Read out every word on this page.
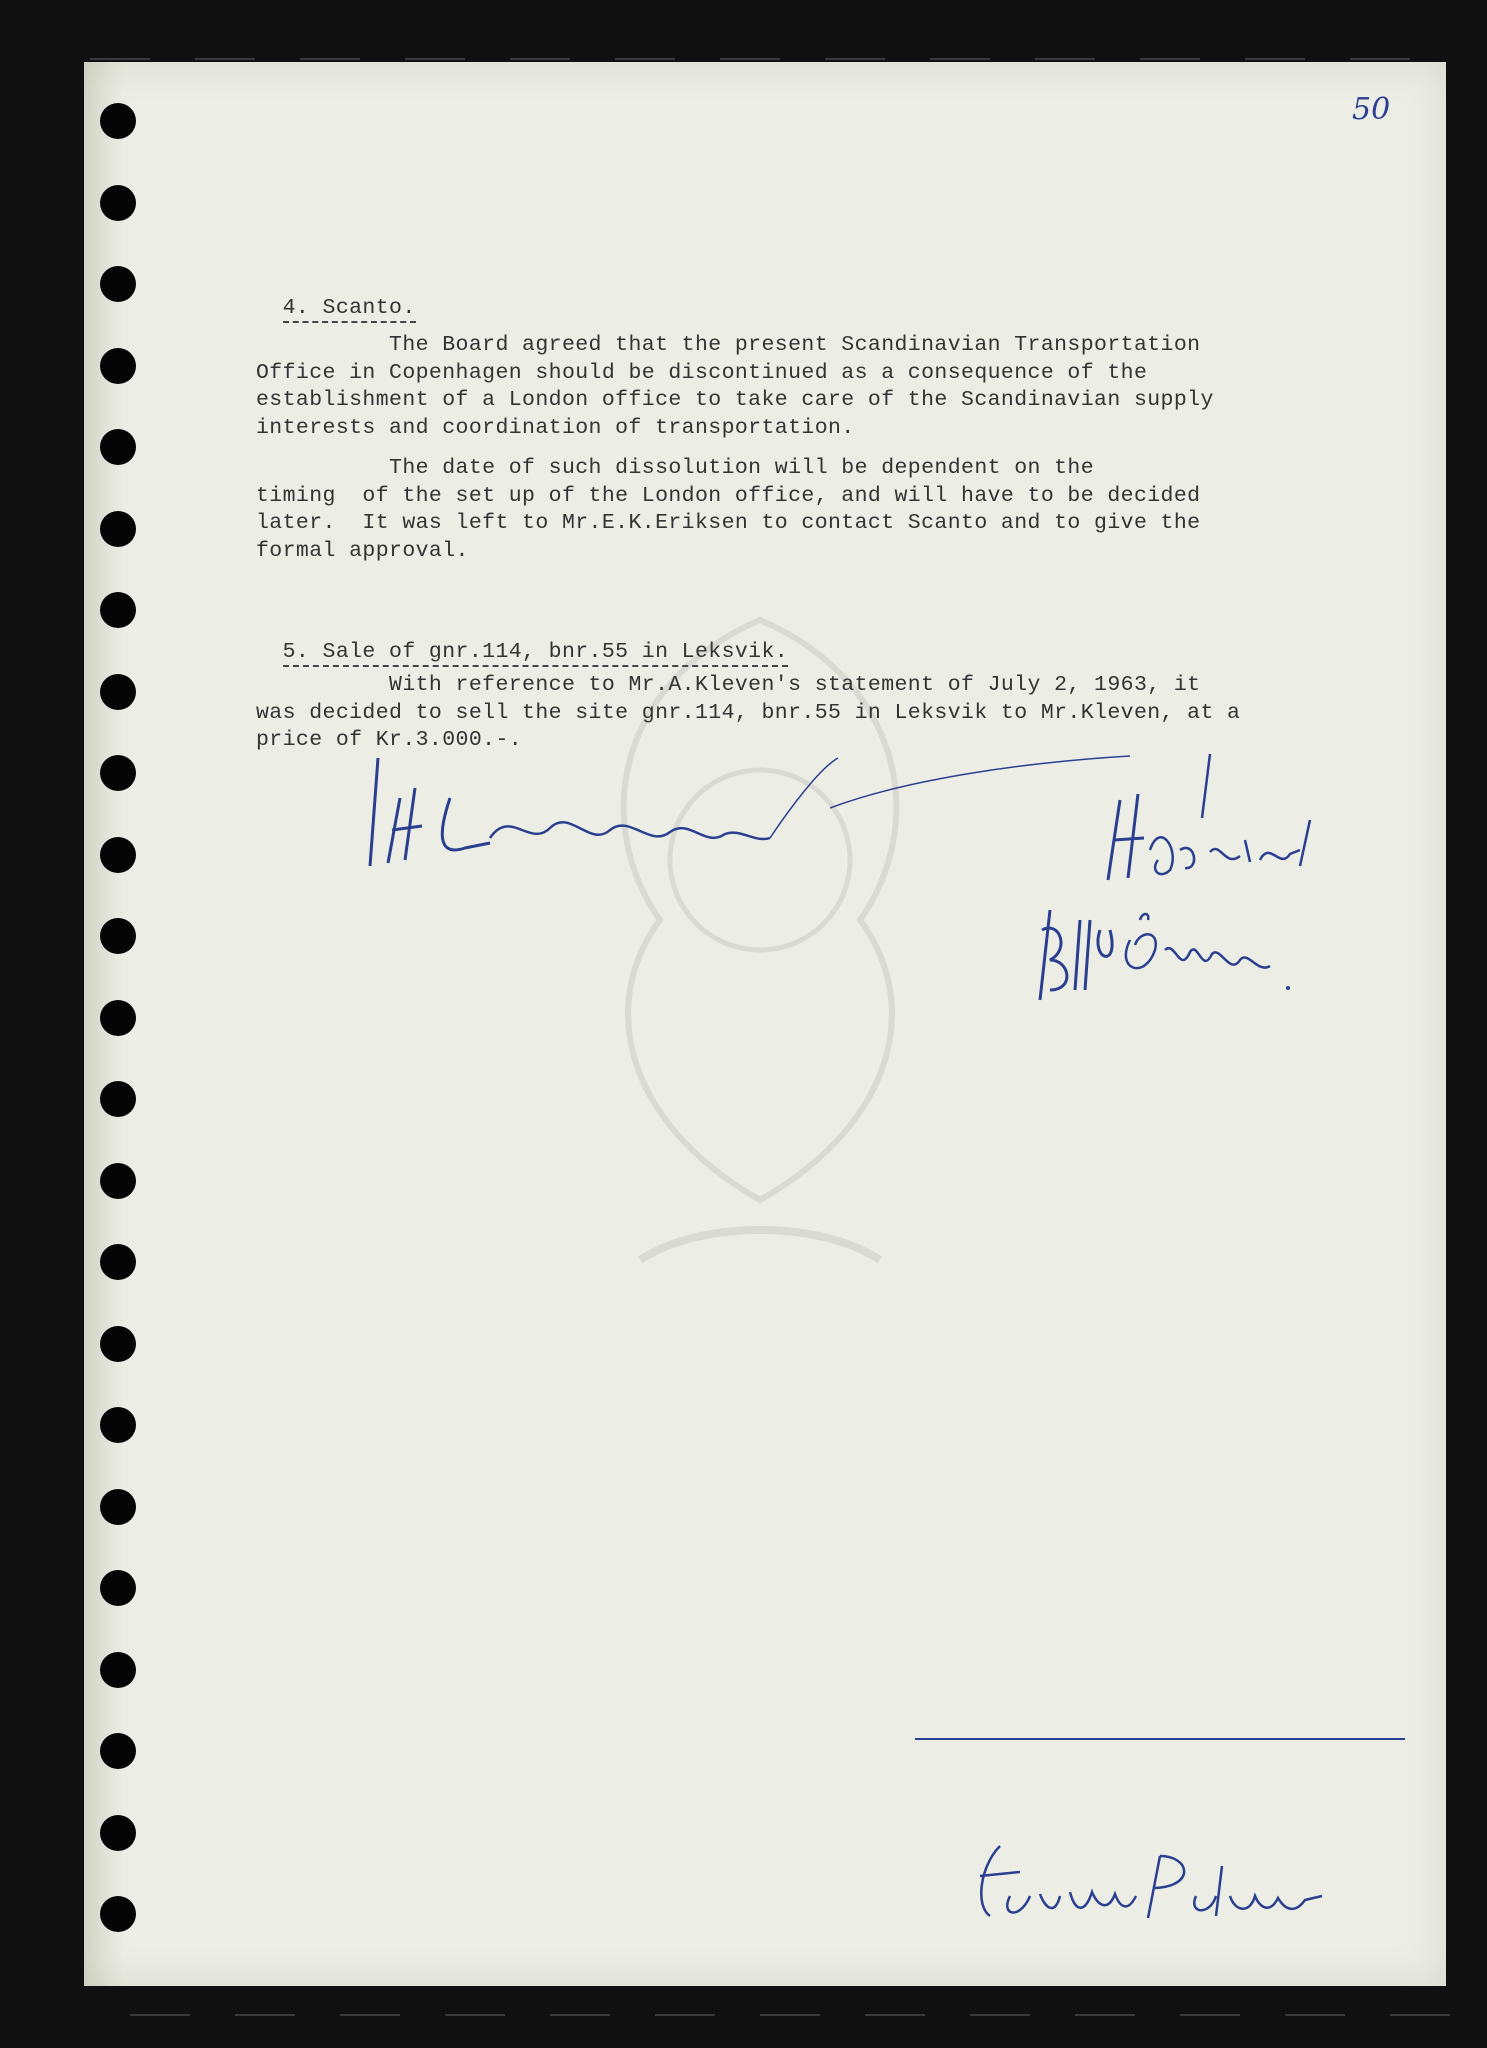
50

4. Scanto.

The Board agreed that the present Scandinavian Transportation
Office in Copenhagen should be discontinued as a consequence of the
establishment of a London office to take care of the Scandinavian supply
interests and coordination of transportation.
The date of such dissolution will be dependent on the
timing  of the set up of the London office, and will have to be decided
later.  It was left to Mr.E.K.Eriksen to contact Scanto and to give the
formal approval.

5. Sale of gnr.114, bnr.55 in Leksvik.

With reference to Mr.A.Kleven's statement of July 2, 1963, it
was decided to sell the site gnr.114, bnr.55 in Leksvik to Mr.Kleven, at a
price of Kr.3.000.-.
